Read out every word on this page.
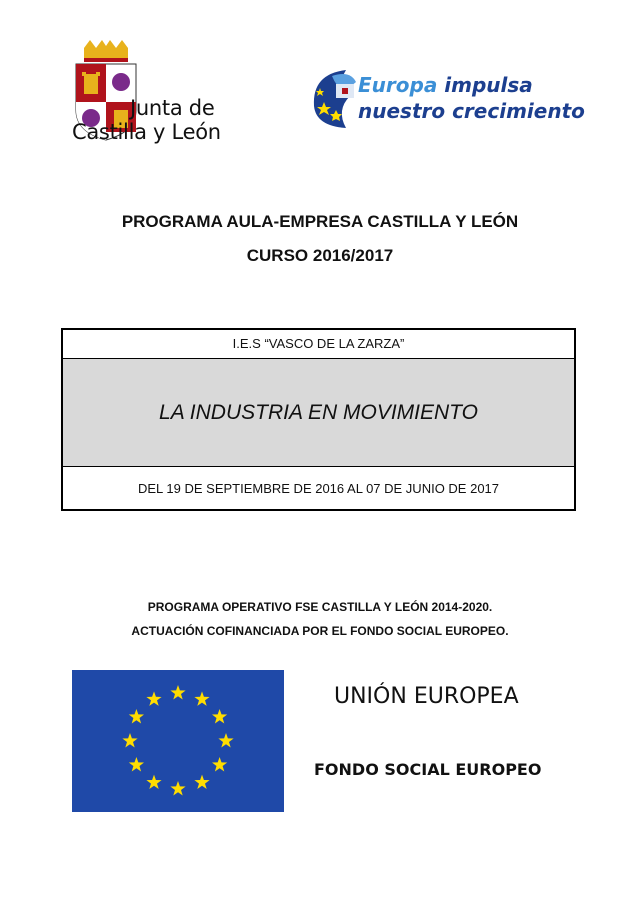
Junta de
Castilla y León
Europa impulsa
nuestro crecimiento
PROGRAMA AULA-EMPRESA CASTILLA Y LEÓN
CURSO 2016/2017
I.E.S “VASCO DE LA ZARZA”
LA INDUSTRIA EN MOVIMIENTO
DEL 19 DE SEPTIEMBRE DE 2016 AL 07 DE JUNIO DE 2017
PROGRAMA OPERATIVO FSE CASTILLA Y LEÓN 2014-2020.
ACTUACIÓN COFINANCIADA POR EL FONDO SOCIAL EUROPEO.
UNIÓN EUROPEA
FONDO SOCIAL EUROPEO
